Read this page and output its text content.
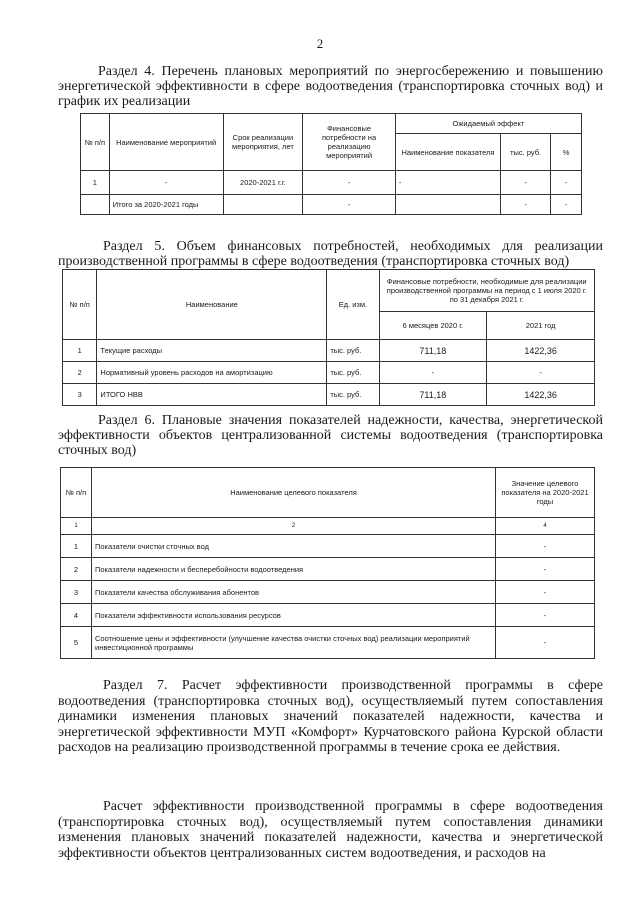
2
Раздел 4. Перечень плановых мероприятий по энергосбережению и повышению энергетической эффективности в сфере водоотведения (транспортировка сточных вод) и график их реализации
№ п/п	Наименование мероприятий	Срок реализации мероприятия, лет	Финансовые потребности на реализацию мероприятий	Ожидаемый эффект		
				Наименование показателя	тыс. руб.	%
1	-	2020-2021 г.г.	-	-	-	-
	Итого за 2020-2021 годы		-		-	-
Раздел 5. Объем финансовых потребностей, необходимых для реализации производственной программы в сфере водоотведения (транспортировка сточных вод)
№ п/п	Наименование	Ед. изм.	Финансовые потребности, необходимые для реализации производственной программы на период с 1 июля 2020 г. по 31 декабря 2021 г.	
			6 месяцев 2020 г.	2021 год
1	Текущие расходы	тыс. руб.	711,18	1422,36
2	Нормативный уровень расходов на амортизацию	тыс. руб.	-	-
3	ИТОГО НВВ	тыс. руб.	711,18	1422,36
Раздел 6. Плановые значения показателей надежности, качества, энергетической эффективности объектов централизованной системы водоотведения (транспортировка сточных вод)
№ п/п	Наименование целевого показателя	Значение целевого показателя на 2020-2021 годы
1	2	4
1	Показатели очистки сточных вод	-
2	Показатели надежности и бесперебойности водоотведения	-
3	Показатели качества обслуживания абонентов	-
4	Показатели эффективности использования ресурсов	-
5	Соотношение цены и эффективности (улучшение качества очистки сточных вод) реализации мероприятий инвестиционной программы	-
Раздел 7. Расчет эффективности производственной программы в сфере водоотведения (транспортировка сточных вод), осуществляемый путем сопоставления динамики изменения плановых значений показателей надежности, качества и энергетической эффективности МУП «Комфорт» Курчатовского района Курской области расходов на реализацию производственной программы в течение срока ее действия.
Расчет эффективности производственной программы в сфере водоотведения (транспортировка сточных вод), осуществляемый путем сопоставления динамики изменения плановых значений показателей надежности, качества и энергетической эффективности объектов централизованных систем водоотведения, и расходов на
